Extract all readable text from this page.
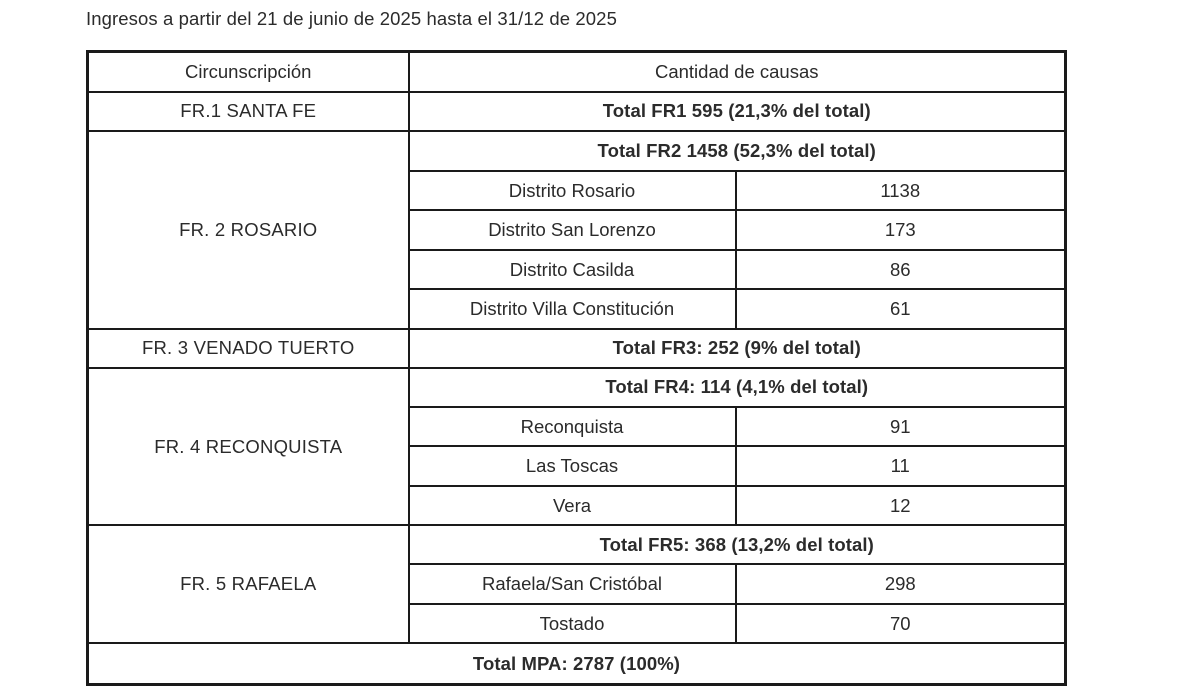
Ingresos a partir del 21 de junio de 2025 hasta el 31/12 de 2025
Circunscripción	Cantidad de causas	
FR.1 SANTA FE	Total FR1 595 (21,3% del total)	
FR. 2 ROSARIO	Total FR2 1458 (52,3% del total)	
	Distrito Rosario	1138
	Distrito San Lorenzo	173
	Distrito Casilda	86
	Distrito Villa Constitución	61
FR. 3 VENADO TUERTO	Total FR3: 252 (9% del total)	
FR. 4 RECONQUISTA	Total FR4: 114 (4,1% del total)	
	Reconquista	91
	Las Toscas	11
	Vera	12
FR. 5 RAFAELA	Total FR5: 368 (13,2% del total)	
	Rafaela/San Cristóbal	298
	Tostado	70
Total MPA: 2787 (100%)		
